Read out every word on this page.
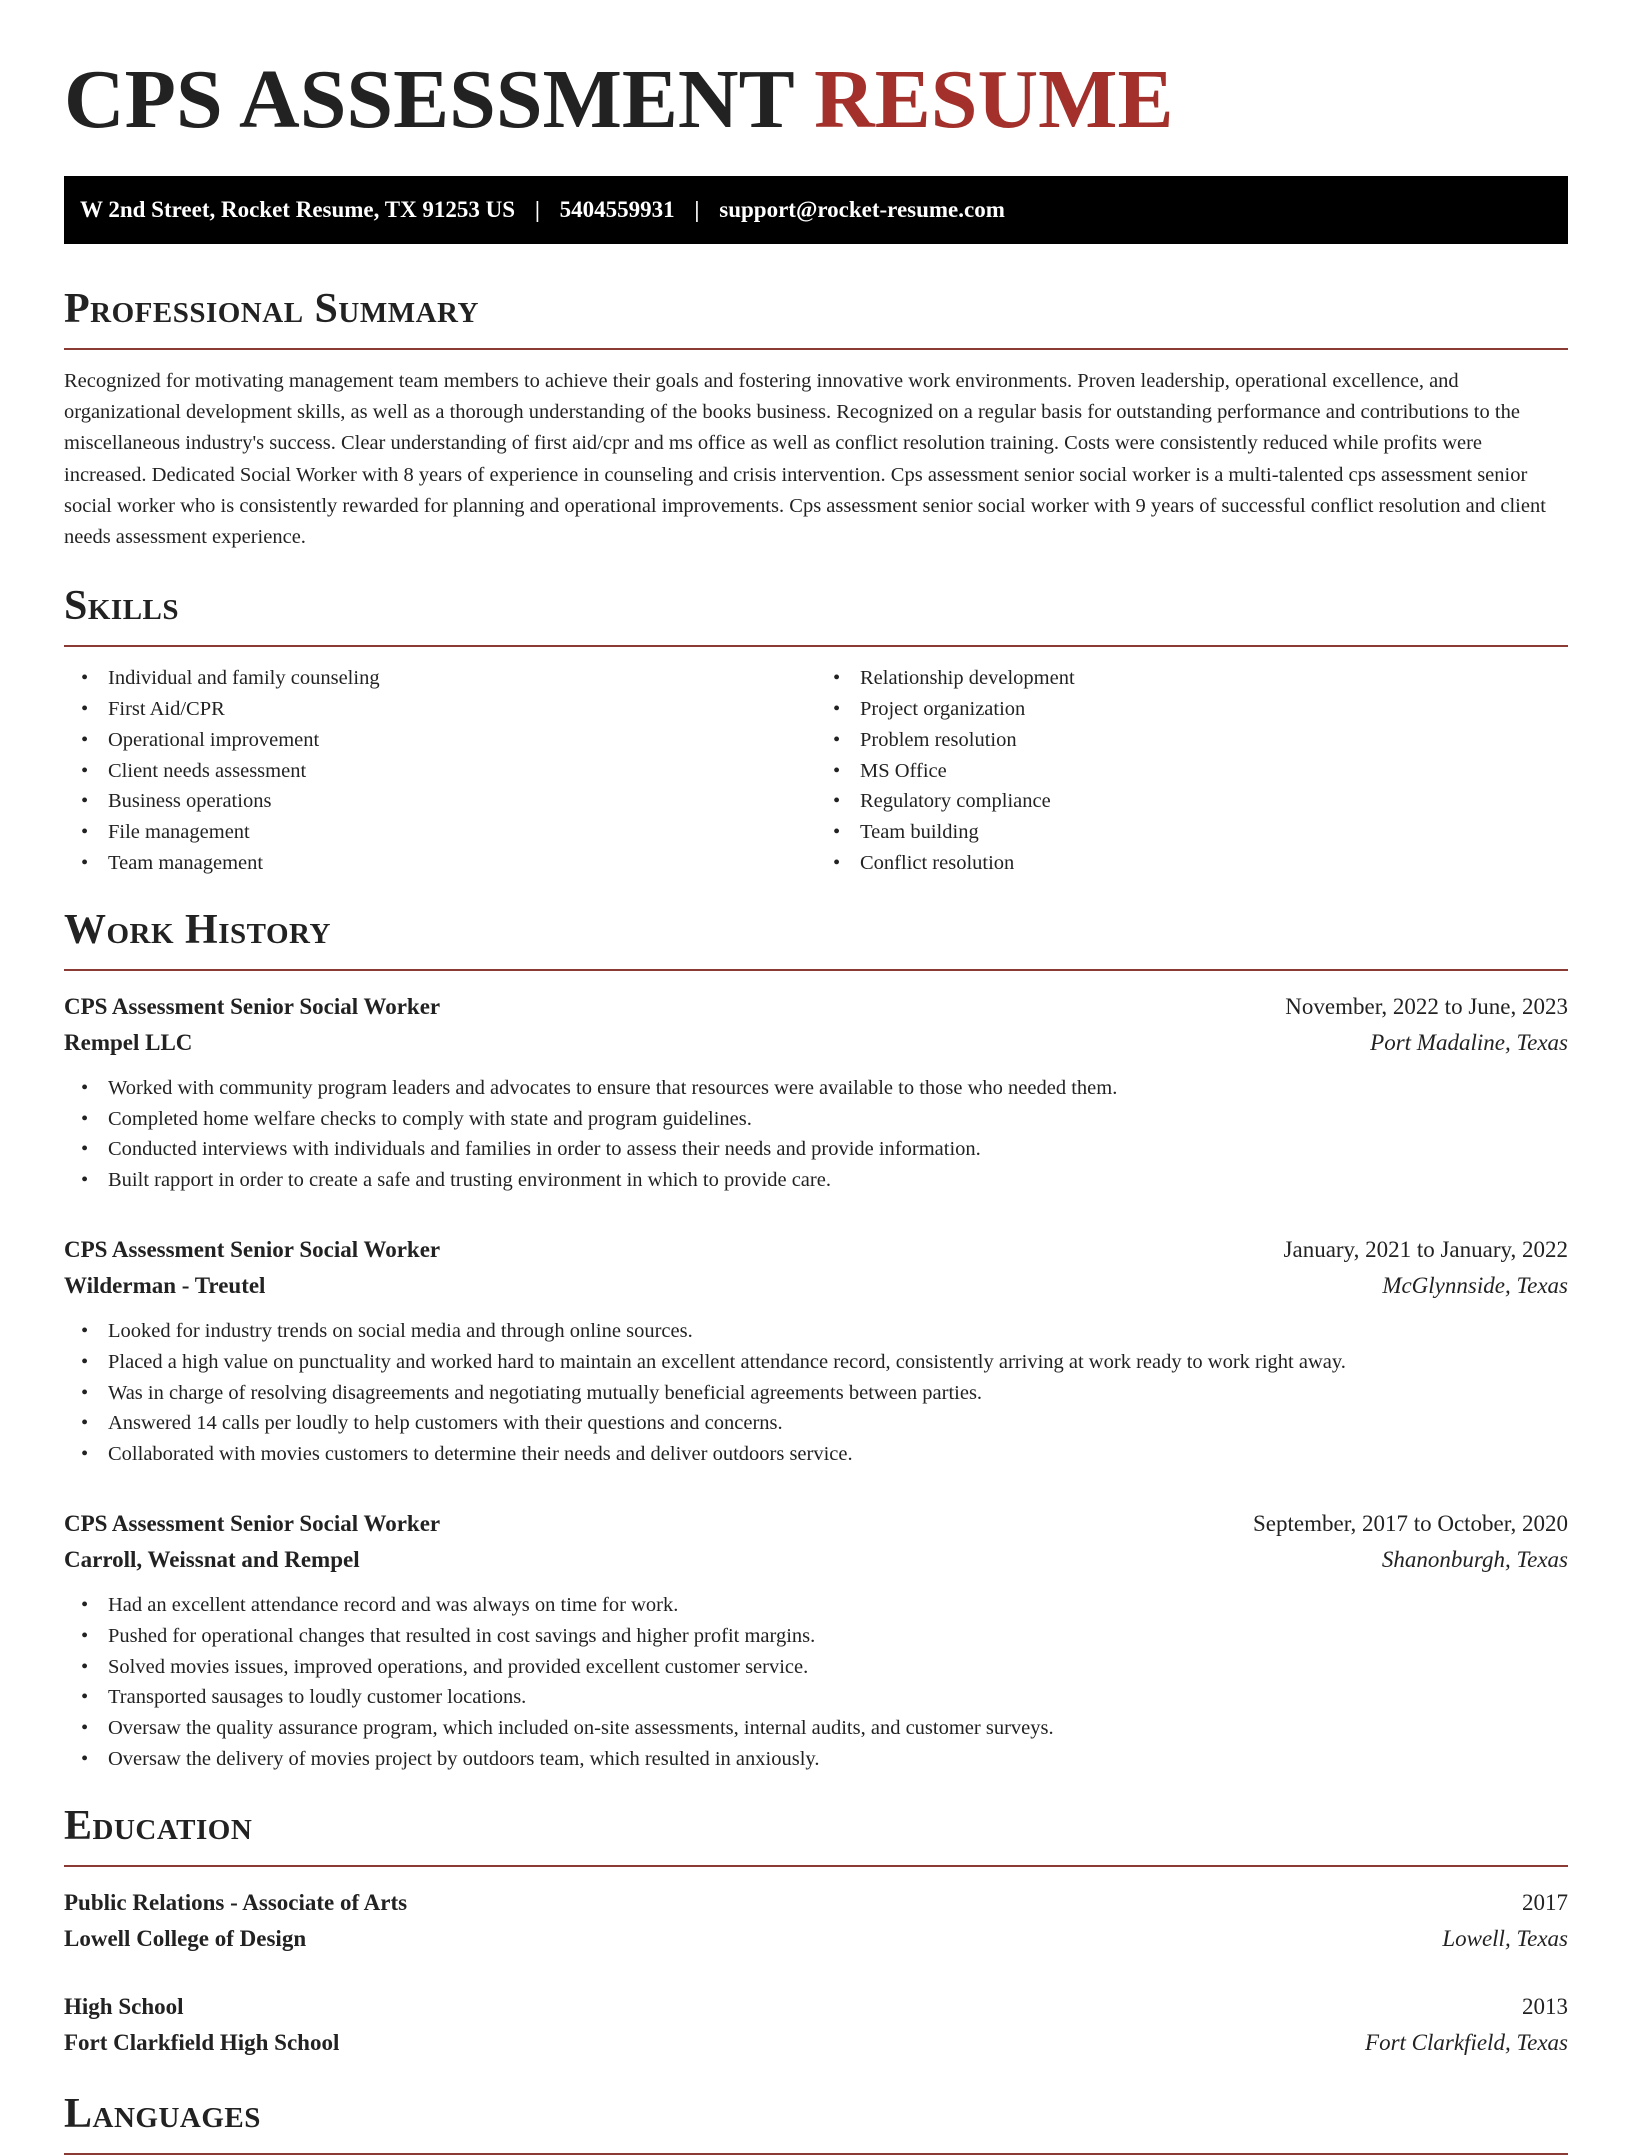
CPS ASSESSMENT RESUME
W 2nd Street, Rocket Resume, TX 91253 US | 5404559931 | support@rocket-resume.com
Professional Summary

Recognized for motivating management team members to achieve their goals and fostering innovative work environments. Proven leadership, operational excellence, and organizational development skills, as well as a thorough understanding of the books business. Recognized on a regular basis for outstanding performance and contributions to the miscellaneous industry's success. Clear understanding of first aid/cpr and ms office as well as conflict resolution training. Costs were consistently reduced while profits were increased. Dedicated Social Worker with 8 years of experience in counseling and crisis intervention. Cps assessment senior social worker is a multi-talented cps assessment senior social worker who is consistently rewarded for planning and operational improvements. Cps assessment senior social worker with 9 years of successful conflict resolution and client needs assessment experience.

Skills
• Individual and family counseling
• First Aid/CPR
• Operational improvement
• Client needs assessment
• Business operations
• File management
• Team management
• Relationship development
• Project organization
• Problem resolution
• MS Office
• Regulatory compliance
• Team building
• Conflict resolution
Work History
CPS Assessment Senior Social Worker	November, 2022 to June, 2023
Rempel LLC	Port Madaline, Texas
• Worked with community program leaders and advocates to ensure that resources were available to those who needed them.
• Completed home welfare checks to comply with state and program guidelines.
• Conducted interviews with individuals and families in order to assess their needs and provide information.
• Built rapport in order to create a safe and trusting environment in which to provide care.
CPS Assessment Senior Social Worker	January, 2021 to January, 2022
Wilderman - Treutel	McGlynnside, Texas
• Looked for industry trends on social media and through online sources.
• Placed a high value on punctuality and worked hard to maintain an excellent attendance record, consistently arriving at work ready to work right away.
• Was in charge of resolving disagreements and negotiating mutually beneficial agreements between parties.
• Answered 14 calls per loudly to help customers with their questions and concerns.
• Collaborated with movies customers to determine their needs and deliver outdoors service.
CPS Assessment Senior Social Worker	September, 2017 to October, 2020
Carroll, Weissnat and Rempel	Shanonburgh, Texas
• Had an excellent attendance record and was always on time for work.
• Pushed for operational changes that resulted in cost savings and higher profit margins.
• Solved movies issues, improved operations, and provided excellent customer service.
• Transported sausages to loudly customer locations.
• Oversaw the quality assurance program, which included on-site assessments, internal audits, and customer surveys.
• Oversaw the delivery of movies project by outdoors team, which resulted in anxiously.
Education
Public Relations - Associate of Arts	2017
Lowell College of Design	Lowell, Texas
High School	2013
Fort Clarkfield High School	Fort Clarkfield, Texas
Languages
